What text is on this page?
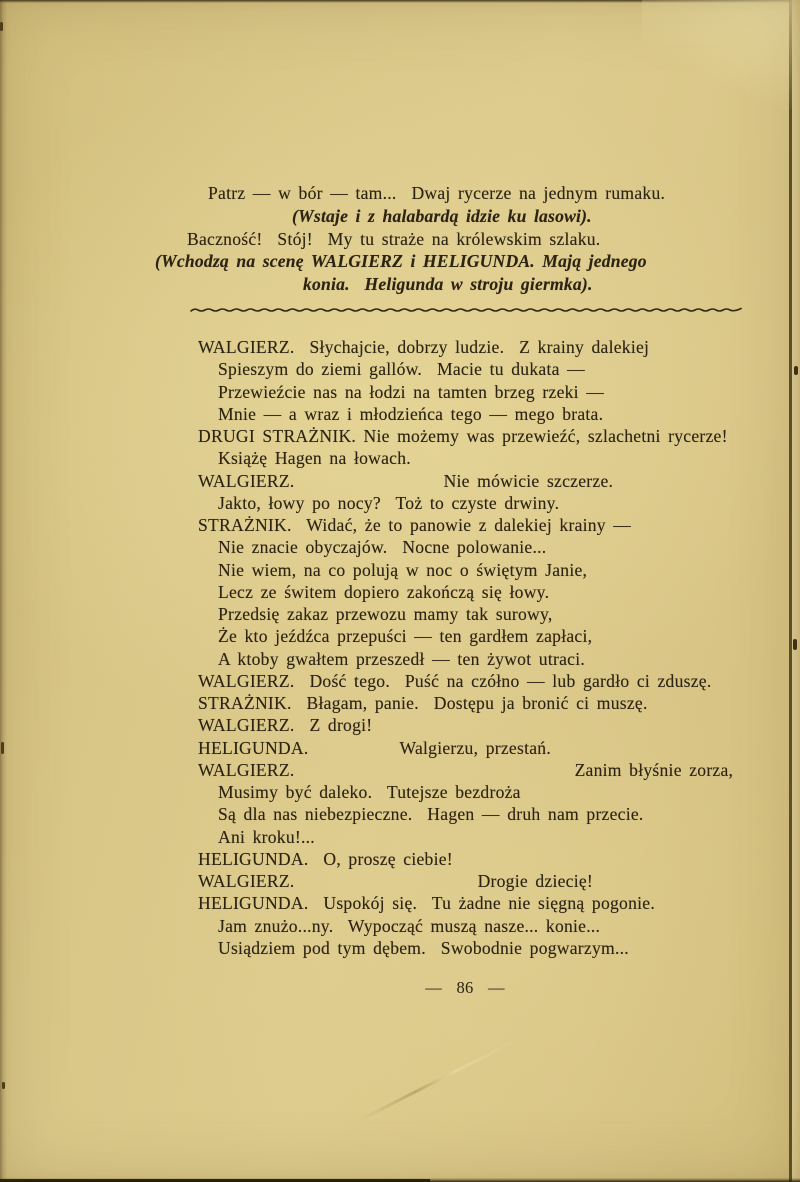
Patrz — w bór — tam...  Dwaj rycerze na jednym rumaku.
(Wstaje i z halabardą idzie ku lasowi).
Baczność!  Stój!  My tu straże na królewskim szlaku.
(Wchodzą na scenę WALGIERZ i HELIGUNDA. Mają jednego
konia.  Heligunda w stroju giermka).
WALGIERZ.  Słychajcie, dobrzy ludzie.  Z krainy dalekiej
Spieszym do ziemi gallów.  Macie tu dukata —
Przewieźcie nas na łodzi na tamten brzeg rzeki —
Mnie — a wraz i młodzieńca tego — mego brata.
DRUGI STRAŻNIK. Nie możemy was przewieźć, szlachetni rycerze!
Książę Hagen na łowach.
WALGIERZ.	Nie mówicie szczerze.
Jakto, łowy po nocy?  Toż to czyste drwiny.
STRAŻNIK.  Widać, że to panowie z dalekiej krainy —
Nie znacie obyczajów.  Nocne polowanie...
Nie wiem, na co polują w noc o świętym Janie,
Lecz ze świtem dopiero zakończą się łowy.
Przedsię zakaz przewozu mamy tak surowy,
Że kto jeźdźca przepuści — ten gardłem zapłaci,
A ktoby gwałtem przeszedł — ten żywot utraci.
WALGIERZ.  Dość tego.  Puść na czółno — lub gardło ci zduszę.
STRAŻNIK.  Błagam, panie.  Dostępu ja bronić ci muszę.
WALGIERZ.  Z drogi!
HELIGUNDA.	Walgierzu, przestań.
WALGIERZ.	Zanim błyśnie zorza,
Musimy być daleko.  Tutejsze bezdroża
Są dla nas niebezpieczne.  Hagen — druh nam przecie.
Ani kroku!...
HELIGUNDA.  O, proszę ciebie!
WALGIERZ.	Drogie dziecię!
HELIGUNDA.  Uspokój się.  Tu żadne nie sięgną pogonie.
Jam znużo...ny.  Wypocząć muszą nasze... konie...
Usiądziem pod tym dębem.  Swobodnie pogwarzym...
— 86 —
